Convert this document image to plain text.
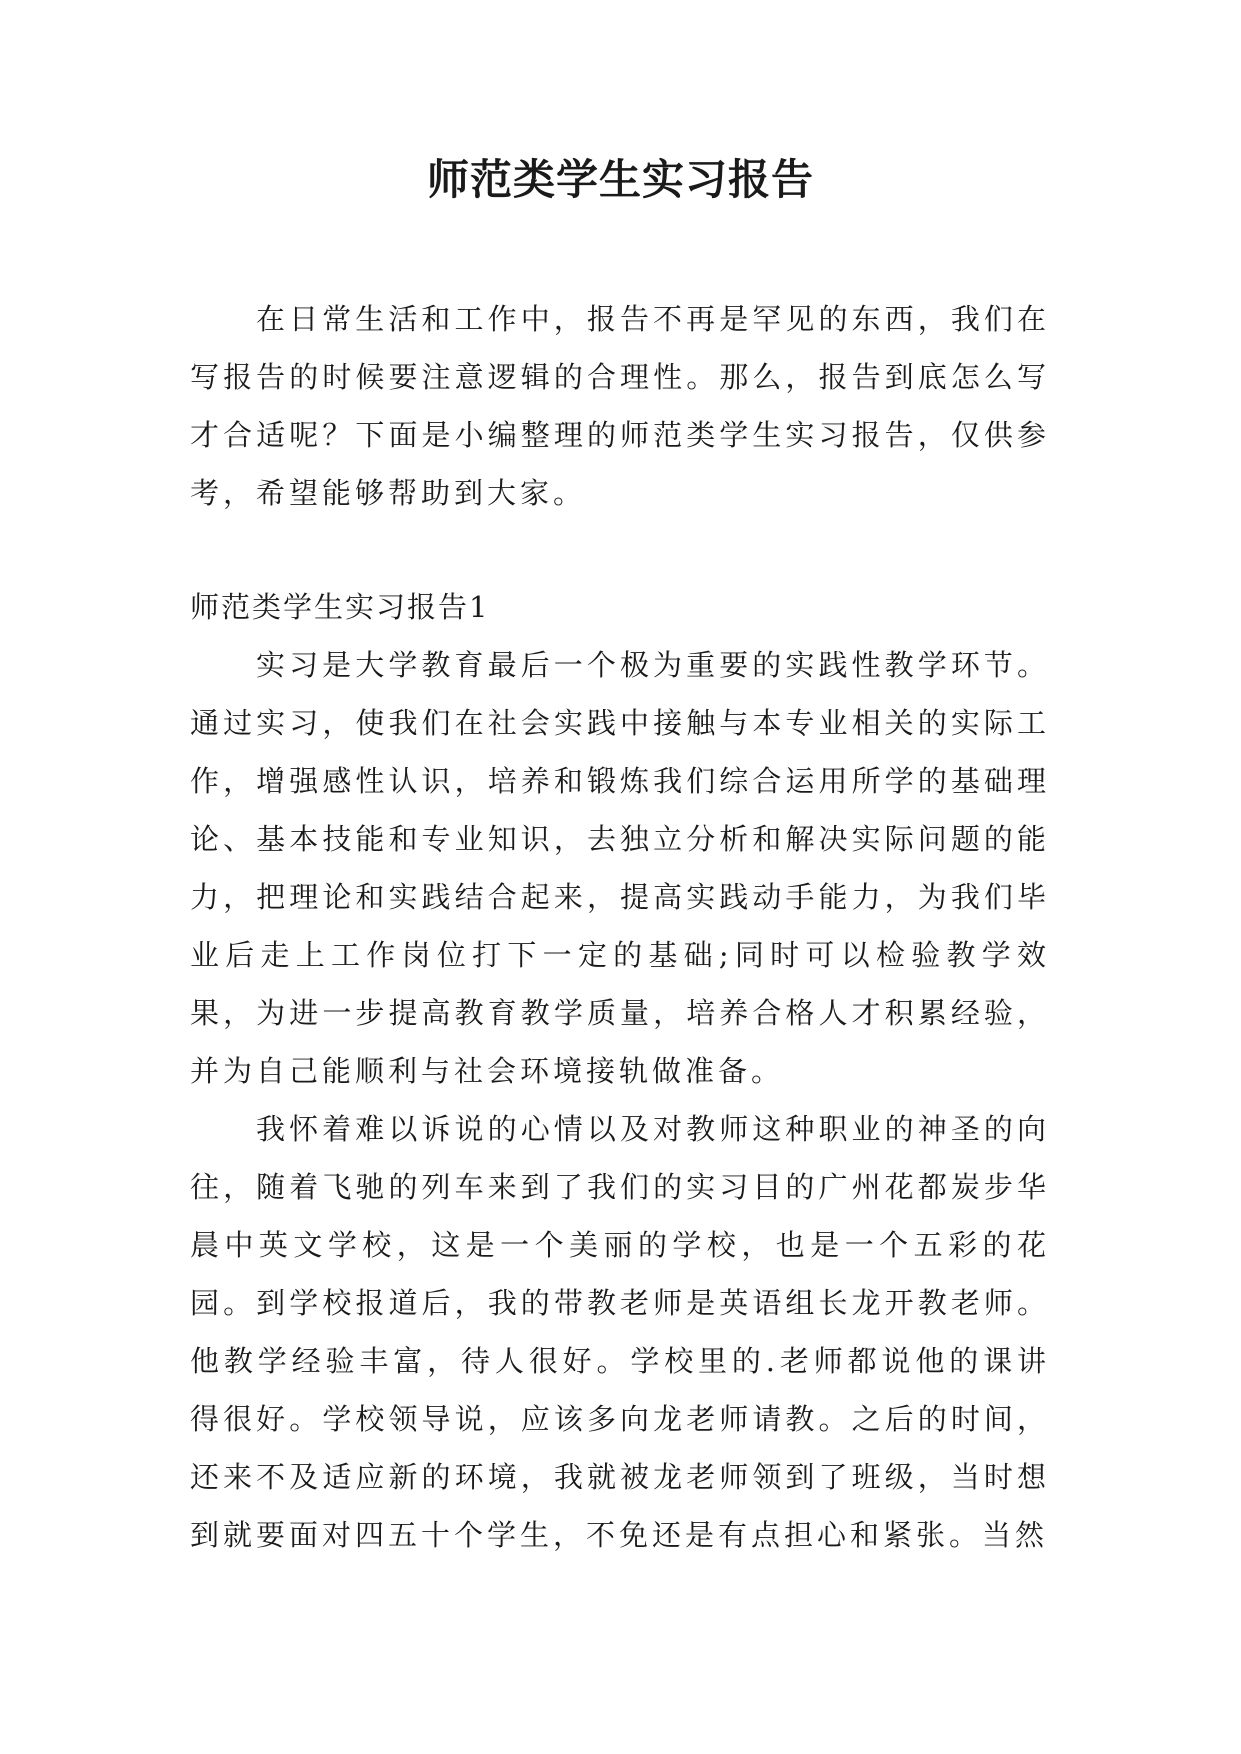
师范类学生实习报告

在日常生活和工作中，报告不再是罕见的东西，我们在写报告的时候要注意逻辑的合理性。那么，报告到底怎么写才合适呢？下面是小编整理的师范类学生实习报告，仅供参考，希望能够帮助到大家。

师范类学生实习报告1

实习是大学教育最后一个极为重要的实践性教学环节。通过实习，使我们在社会实践中接触与本专业相关的实际工作，增强感性认识，培养和锻炼我们综合运用所学的基础理论、基本技能和专业知识，去独立分析和解决实际问题的能力，把理论和实践结合起来，提高实践动手能力，为我们毕业后走上工作岗位打下一定的基础;同时可以检验教学效果，为进一步提高教育教学质量，培养合格人才积累经验，并为自己能顺利与社会环境接轨做准备。

我怀着难以诉说的心情以及对教师这种职业的神圣的向往，随着飞驰的列车来到了我们的实习目的广州花都炭步华晨中英文学校，这是一个美丽的学校，也是一个五彩的花园。到学校报道后，我的带教老师是英语组长龙开教老师。他教学经验丰富，待人很好。学校里的.老师都说他的课讲得很好。学校领导说，应该多向龙老师请教。之后的时间，还来不及适应新的环境，我就被龙老师领到了班级，当时想到就要面对四五十个学生，不免还是有点担心和紧张。当然
